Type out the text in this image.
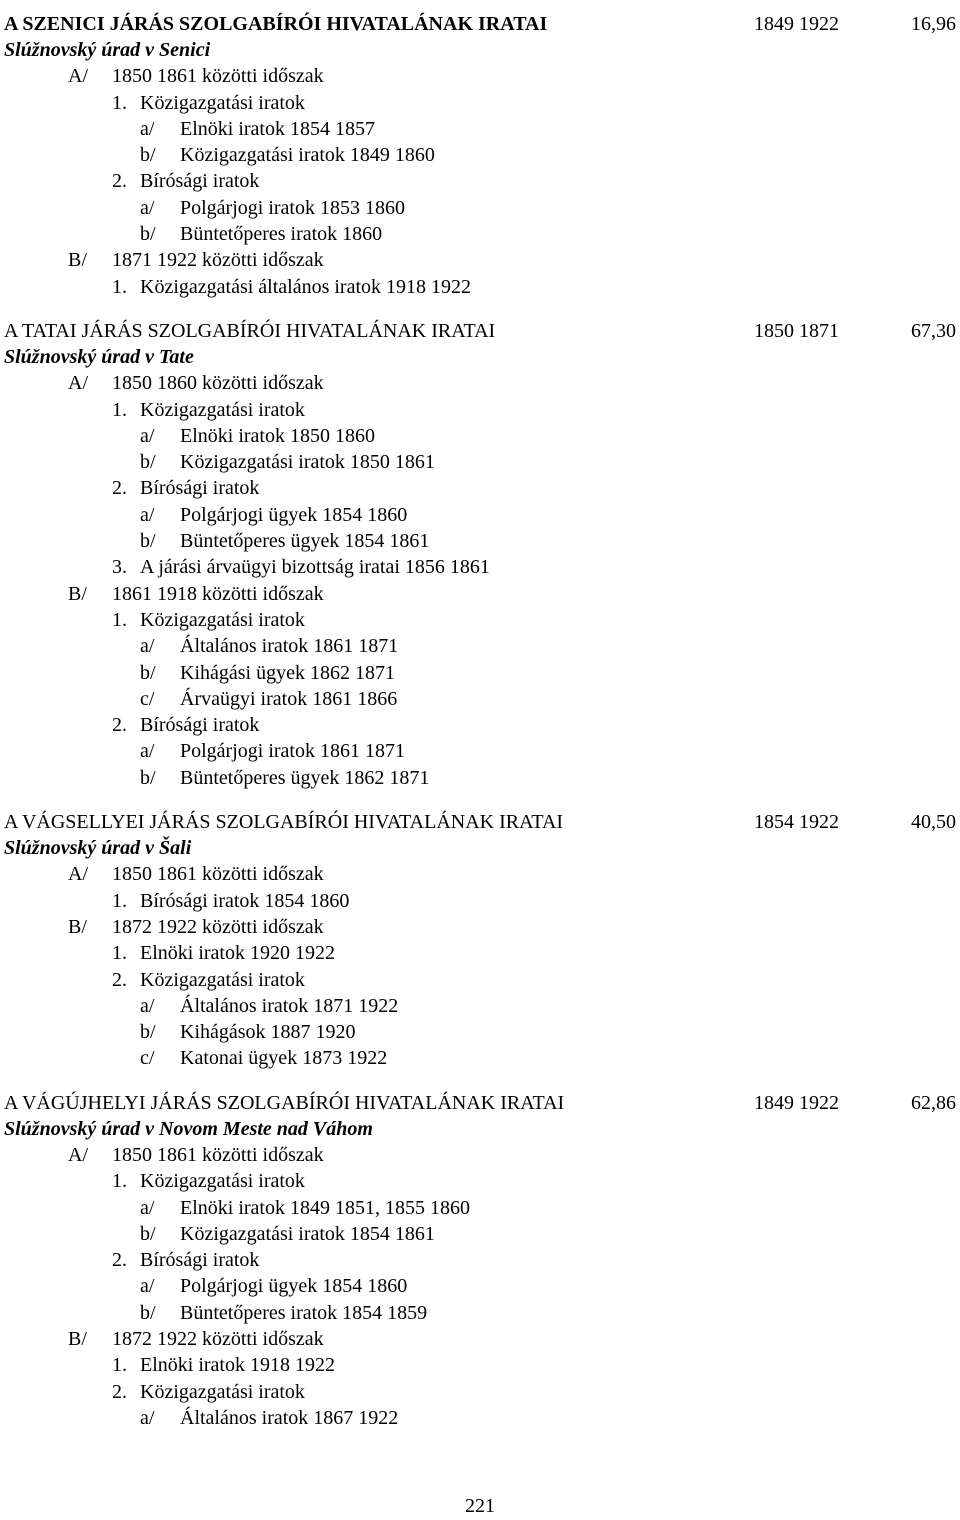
A SZENICI JÁRÁS SZOLGABÍRÓI HIVATALÁNAK IRATAI	1849 1922	16,96
Slúžnovský úrad v Senici
A/ 1850 1861 közötti időszak
1. Közigazgatási iratok
a/ Elnöki iratok 1854 1857
b/ Közigazgatási iratok 1849 1860
2. Bírósági iratok
a/ Polgárjogi iratok 1853 1860
b/ Büntetőperes iratok 1860
B/ 1871 1922 közötti időszak
1. Közigazgatási általános iratok 1918 1922
A TATAI JÁRÁS SZOLGABÍRÓI HIVATALÁNAK IRATAI	1850 1871	67,30
Slúžnovský úrad v Tate
A/ 1850 1860 közötti időszak
1. Közigazgatási iratok
a/ Elnöki iratok 1850 1860
b/ Közigazgatási iratok 1850 1861
2. Bírósági iratok
a/ Polgárjogi ügyek 1854 1860
b/ Büntetőperes ügyek 1854 1861
3. A járási árvaügyi bizottság iratai 1856 1861
B/ 1861 1918 közötti időszak
1. Közigazgatási iratok
a/ Általános iratok 1861 1871
b/ Kihágási ügyek 1862 1871
c/ Árvaügyi iratok 1861 1866
2. Bírósági iratok
a/ Polgárjogi iratok 1861 1871
b/ Büntetőperes ügyek 1862 1871
A VÁGSELLYEI JÁRÁS SZOLGABÍRÓI HIVATALÁNAK IRATAI	1854 1922	40,50
Slúžnovský úrad v Šali
A/ 1850 1861 közötti időszak
1. Bírósági iratok 1854 1860
B/ 1872 1922 közötti időszak
1. Elnöki iratok 1920 1922
2. Közigazgatási iratok
a/ Általános iratok 1871 1922
b/ Kihágások 1887 1920
c/ Katonai ügyek 1873 1922
A VÁGÚJHELYI JÁRÁS SZOLGABÍRÓI HIVATALÁNAK IRATAI	1849 1922	62,86
Slúžnovský úrad v Novom Meste nad Váhom
A/ 1850 1861 közötti időszak
1. Közigazgatási iratok
a/ Elnöki iratok 1849 1851, 1855 1860
b/ Közigazgatási iratok 1854 1861
2. Bírósági iratok
a/ Polgárjogi ügyek 1854 1860
b/ Büntetőperes iratok 1854 1859
B/ 1872 1922 közötti időszak
1. Elnöki iratok 1918 1922
2. Közigazgatási iratok
a/ Általános iratok 1867 1922
221
